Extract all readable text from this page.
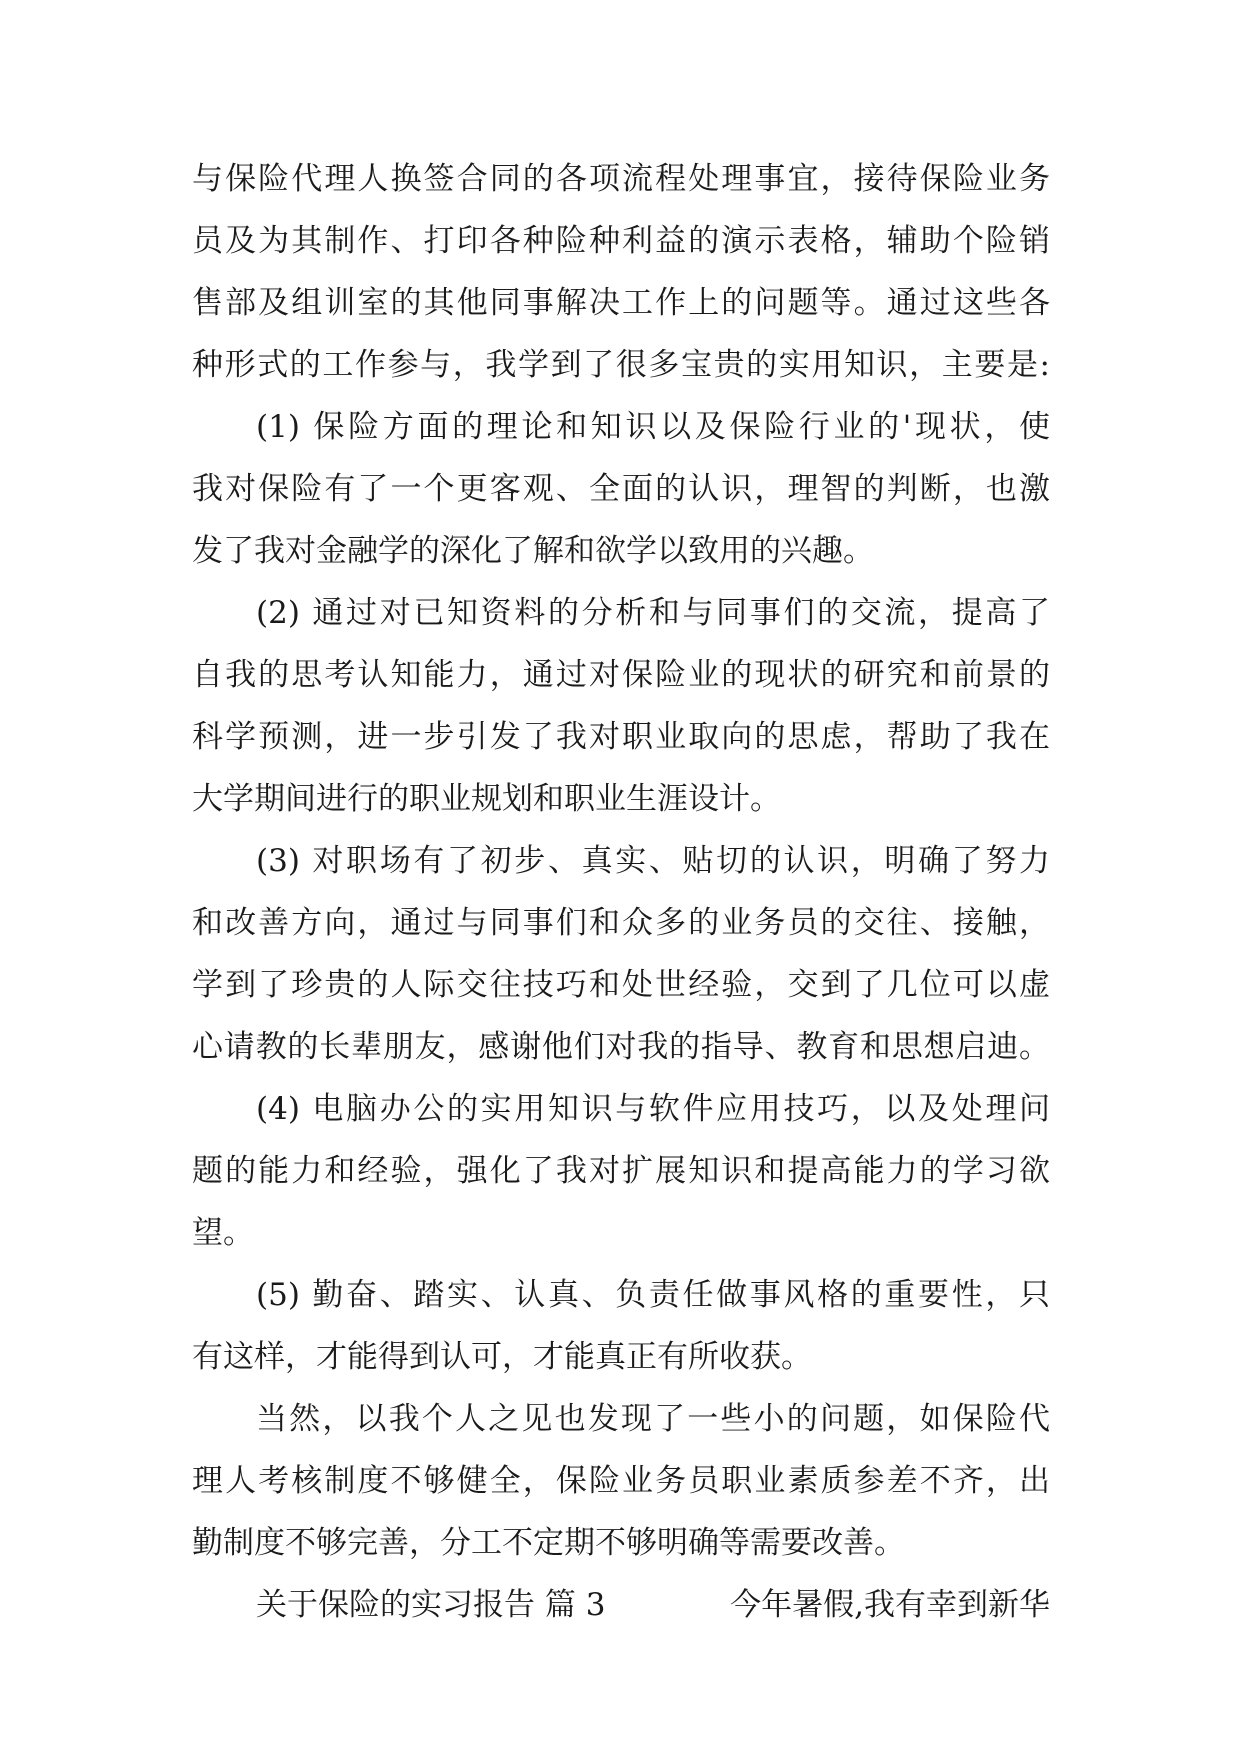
与保险代理人换签合同的各项流程处理事宜，接待保险业务
员及为其制作、打印各种险种利益的演示表格，辅助个险销
售部及组训室的其他同事解决工作上的问题等。通过这些各
种形式的工作参与，我学到了很多宝贵的实用知识，主要是:
(1) 保险方面的理论和知识以及保险行业的'现状，使
我对保险有了一个更客观、全面的认识，理智的判断，也激
发了我对金融学的深化了解和欲学以致用的兴趣。
(2) 通过对已知资料的分析和与同事们的交流，提高了
自我的思考认知能力，通过对保险业的现状的研究和前景的
科学预测，进一步引发了我对职业取向的思虑，帮助了我在
大学期间进行的职业规划和职业生涯设计。
(3) 对职场有了初步、真实、贴切的认识，明确了努力
和改善方向，通过与同事们和众多的业务员的交往、接触，
学到了珍贵的人际交往技巧和处世经验，交到了几位可以虚
心请教的长辈朋友，感谢他们对我的指导、教育和思想启迪。
(4) 电脑办公的实用知识与软件应用技巧，以及处理问
题的能力和经验，强化了我对扩展知识和提高能力的学习欲
望。
(5) 勤奋、踏实、认真、负责任做事风格的重要性，只
有这样，才能得到认可，才能真正有所收获。
当然，以我个人之见也发现了一些小的问题，如保险代
理人考核制度不够健全，保险业务员职业素质参差不齐，出
勤制度不够完善，分工不定期不够明确等需要改善。
关于保险的实习报告 篇 3	今年暑假,我有幸到新华
